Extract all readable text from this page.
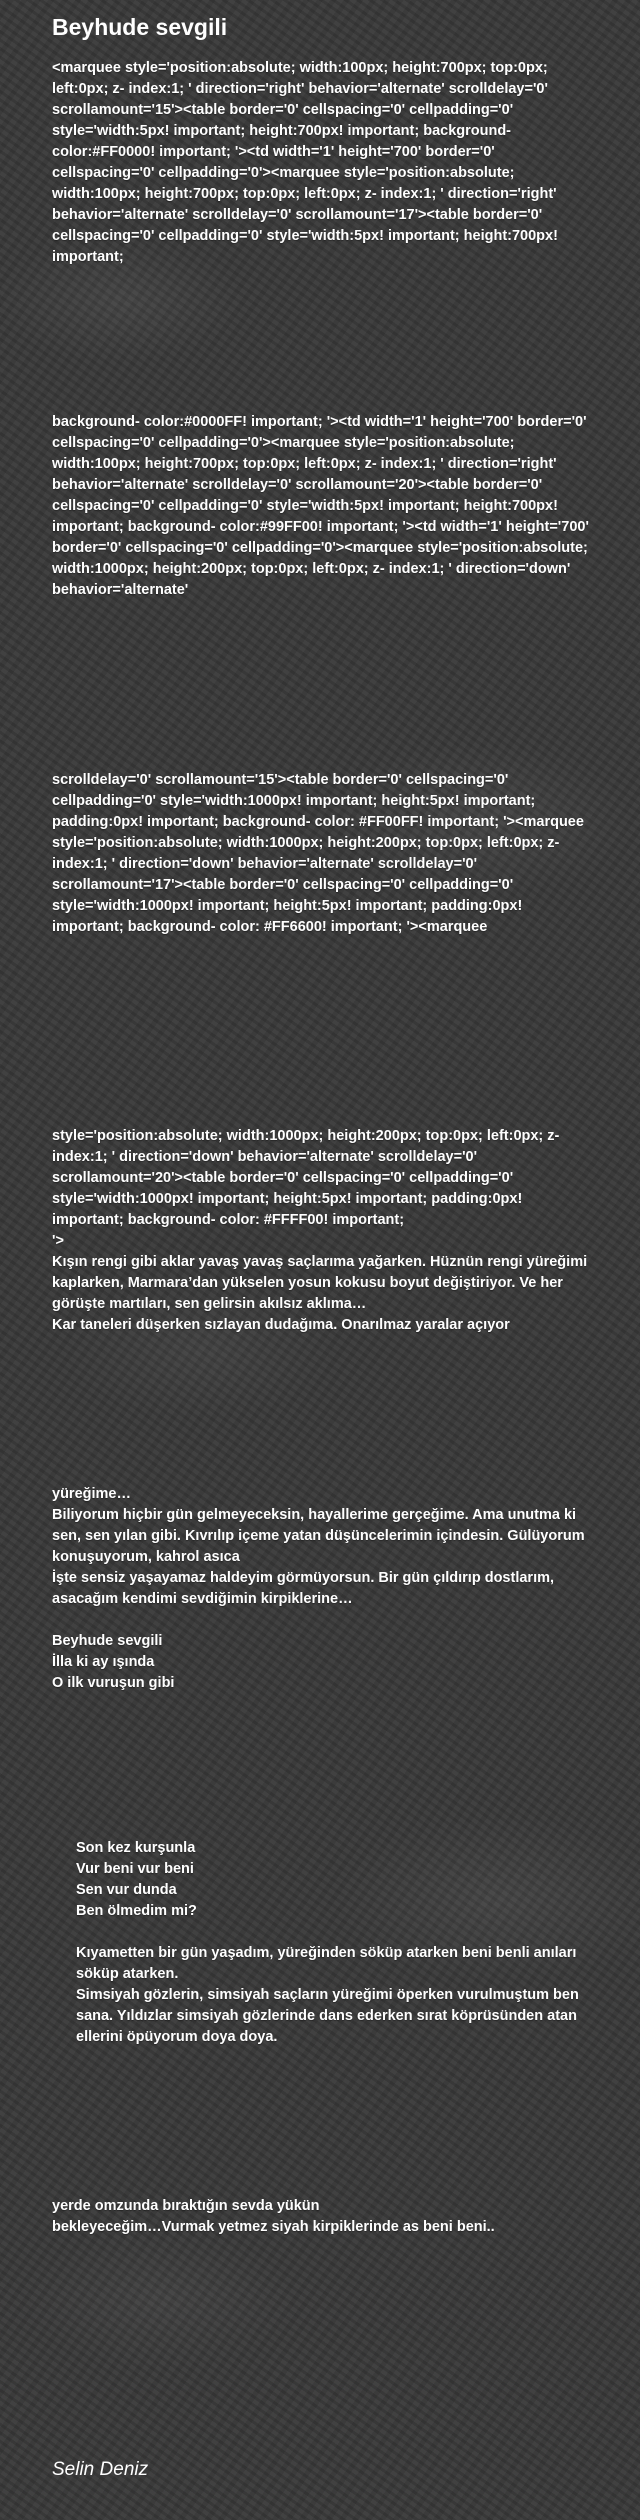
Beyhude sevgili
<marquee style='position:absolute; width:100px; height:700px; top:0px; left:0px; z- index:1; ' direction='right' behavior='alternate' scrolldelay='0' scrollamount='15'><table border='0' cellspacing='0' cellpadding='0' style='width:5px! important; height:700px! important; background- color:#FF0000! important; '><td width='1' height='700' border='0' cellspacing='0' cellpadding='0'><marquee style='position:absolute; width:100px; height:700px; top:0px; left:0px; z- index:1; ' direction='right' behavior='alternate' scrolldelay='0' scrollamount='17'><table border='0' cellspacing='0' cellpadding='0' style='width:5px! important; height:700px! important;
background- color:#0000FF! important; '><td width='1' height='700' border='0' cellspacing='0' cellpadding='0'><marquee style='position:absolute; width:100px; height:700px; top:0px; left:0px; z- index:1; ' direction='right' behavior='alternate' scrolldelay='0' scrollamount='20'><table border='0' cellspacing='0' cellpadding='0' style='width:5px! important; height:700px! important; background- color:#99FF00! important; '><td width='1' height='700' border='0' cellspacing='0' cellpadding='0'><marquee style='position:absolute; width:1000px; height:200px; top:0px; left:0px; z- index:1; ' direction='down' behavior='alternate'
scrolldelay='0' scrollamount='15'><table border='0' cellspacing='0' cellpadding='0' style='width:1000px! important; height:5px! important; padding:0px! important; background- color: #FF00FF! important; '><marquee
style='position:absolute; width:1000px; height:200px; top:0px; left:0px; z- index:1; ' direction='down' behavior='alternate' scrolldelay='0' scrollamount='17'><table border='0' cellspacing='0' cellpadding='0' style='width:1000px! important; height:5px! important; padding:0px! important; background- color: #FF6600! important; '><marquee
style='position:absolute; width:1000px; height:200px; top:0px; left:0px; z- index:1; ' direction='down' behavior='alternate' scrolldelay='0' scrollamount='20'><table border='0' cellspacing='0' cellpadding='0' style='width:1000px! important; height:5px! important; padding:0px! important; background- color: #FFFF00! important;
'>
Kışın rengi gibi aklar yavaş yavaş saçlarıma yağarken. Hüznün rengi yüreğimi kaplarken, Marmara’dan yükselen yosun kokusu boyut değiştiriyor. Ve her görüşte martıları, sen gelirsin akılsız aklıma…
Kar taneleri düşerken sızlayan dudağıma. Onarılmaz yaralar açıyor
yüreğime…
Biliyorum hiçbir gün gelmeyeceksin, hayallerime gerçeğime. Ama unutma ki sen, sen yılan gibi. Kıvrılıp içeme yatan düşüncelerimin içindesin. Gülüyorum konuşuyorum, kahrol asıca
İşte sensiz yaşayamaz haldeyim görmüyorsun. Bir gün çıldırıp dostlarım, asacağım kendimi sevdiğimin kirpiklerine…

Beyhude sevgili
İlla ki ay ışında
O ilk vuruşun gibi
Son kez kurşunla
Vur beni vur beni
Sen vur dunda
Ben ölmedim mi?

Kıyametten bir gün yaşadım, yüreğinden söküp atarken beni benli anıları söküp atarken.
Simsiyah gözlerin, simsiyah saçların yüreğimi öperken vurulmuştum ben sana. Yıldızlar simsiyah gözlerinde dans ederken sırat köprüsünden atan ellerini öpüyorum doya doya.
yerde omzunda bıraktığın sevda yükün
bekleyeceğim…Vurmak yetmez siyah kirpiklerinde as beni beni..
Selin Deniz
